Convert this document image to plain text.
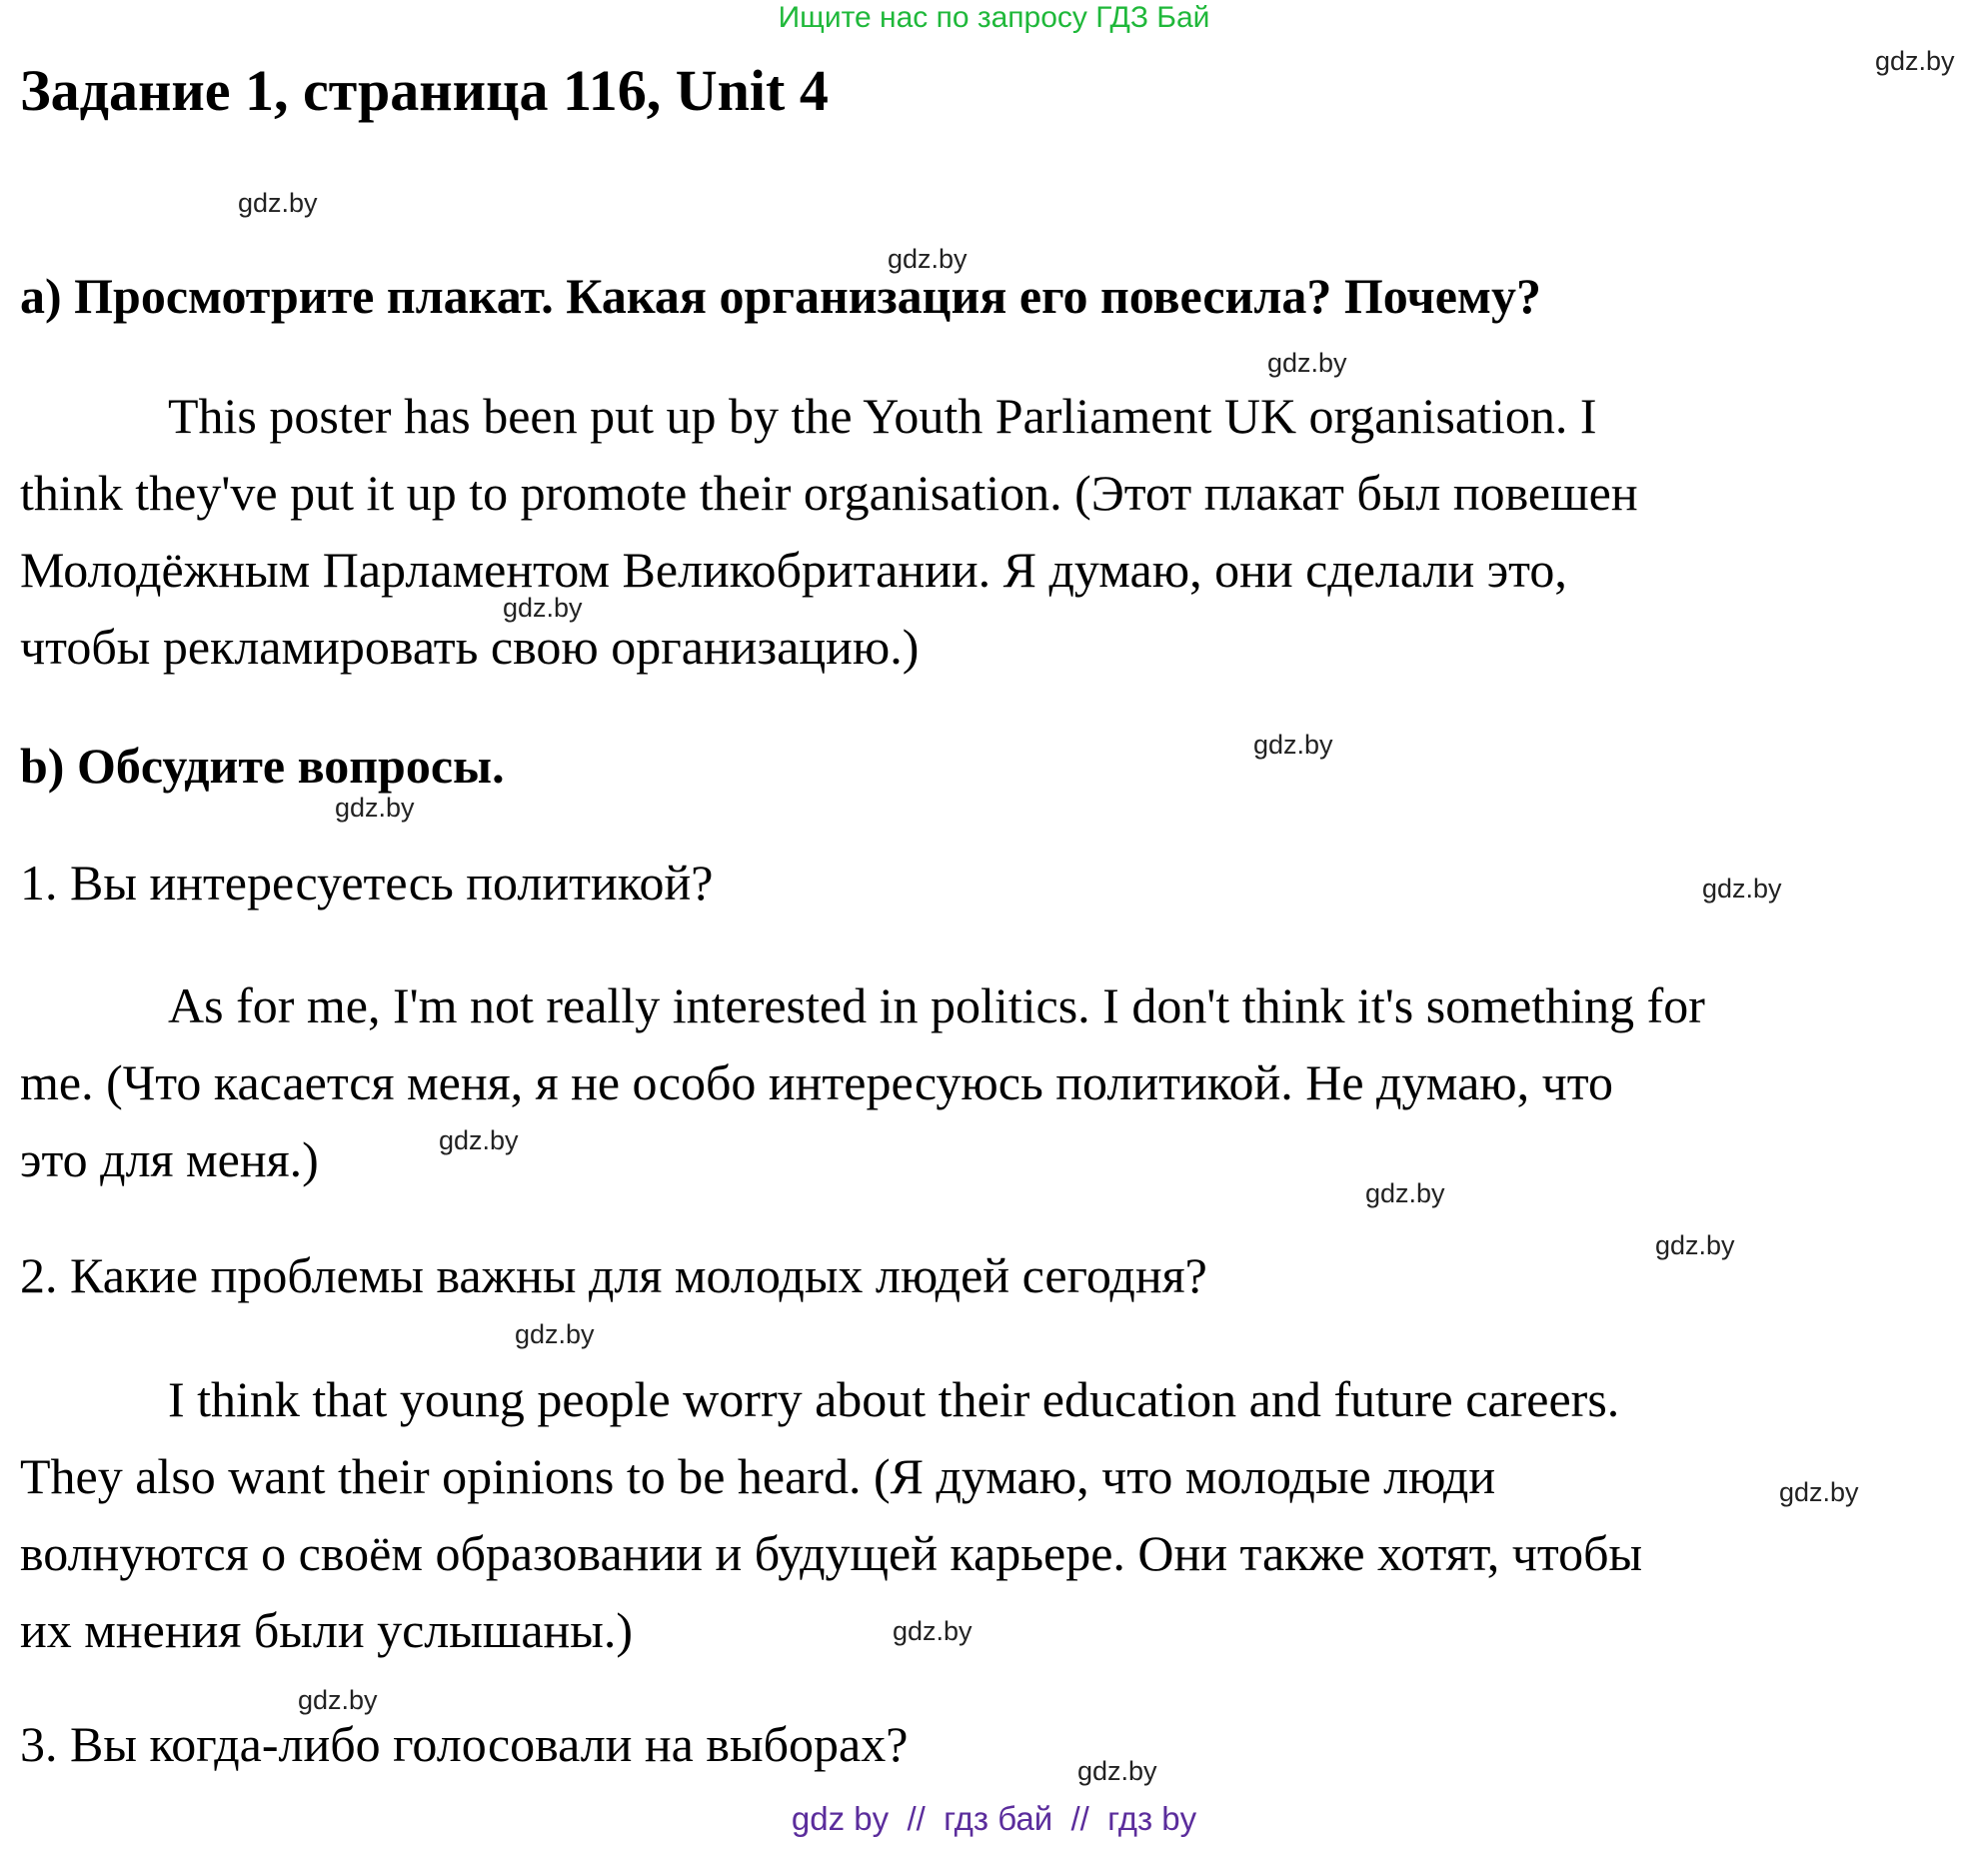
Ищите нас по запросу ГДЗ Бай
Задание 1, страница 116, Unit 4
a) Просмотрите плакат. Какая организация его повесила? Почему?
This poster has been put up by the Youth Parliament UK organisation. I
think they've put it up to promote their organisation. (Этот плакат был повешен
Молодёжным Парламентом Великобритании. Я думаю, они сделали это,
чтобы рекламировать свою организацию.)
b) Обсудите вопросы.
1. Вы интересуетесь политикой?
As for me, I'm not really interested in politics. I don't think it's something for
me. (Что касается меня, я не особо интересуюсь политикой. Не думаю, что
это для меня.)
2. Какие проблемы важны для молодых людей сегодня?
I think that young people worry about their education and future careers.
They also want their opinions to be heard. (Я думаю, что молодые люди
волнуются о своём образовании и будущей карьере. Они также хотят, чтобы
их мнения были услышаны.)
3. Вы когда-либо голосовали на выборах?
gdz.by
gdz.by
gdz.by
gdz.by
gdz.by
gdz.by
gdz.by
gdz.by
gdz.by
gdz.by
gdz.by
gdz.by
gdz.by
gdz.by
gdz.by
gdz.by
gdz by  //  гдз бай  //  гдз by
